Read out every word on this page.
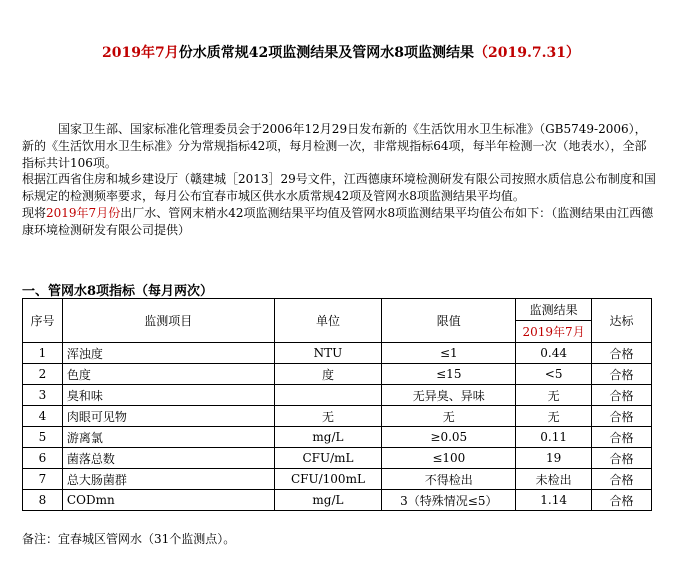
2019年7月份水质常规42项监测结果及管网水8项监测结果（2019.7.31）
国家卫生部、国家标准化管理委员会于2006年12月29日发布新的《生活饮用水卫生标准》（GB5749-2006），新的《生活饮用水卫生标准》分为常规指标42项，每月检测一次，非常规指标64项，每半年检测一次（地表水），全部指标共计106项。
根据江西省住房和城乡建设厅（赣建城［2013］29号文件，江西德康环境检测研发有限公司按照水质信息公布制度和国标规定的检测频率要求，每月公布宜春市城区供水水质常规42项及管网水8项监测结果平均值。
现将2019年7月份出厂水、管网末梢水42项监测结果平均值及管网水8项监测结果平均值公布如下：（监测结果由江西德康环境检测研发有限公司提供）
一、管网水8项指标（每月两次）
序号	监测项目	单位	限值	监测结果	达标
				2019年7月	
1	浑浊度	NTU	≤1	0.44	合格
2	色度	度	≤15	<5	合格
3	臭和味		无异臭、异味	无	合格
4	肉眼可见物	无	无	无	合格
5	游离氯	mg/L	≥0.05	0.11	合格
6	菌落总数	CFU/mL	≤100	19	合格
7	总大肠菌群	CFU/100mL	不得检出	未检出	合格
8	CODmn	mg/L	3（特殊情况≤5）	1.14	合格
备注：宜春城区管网水（31个监测点）。
